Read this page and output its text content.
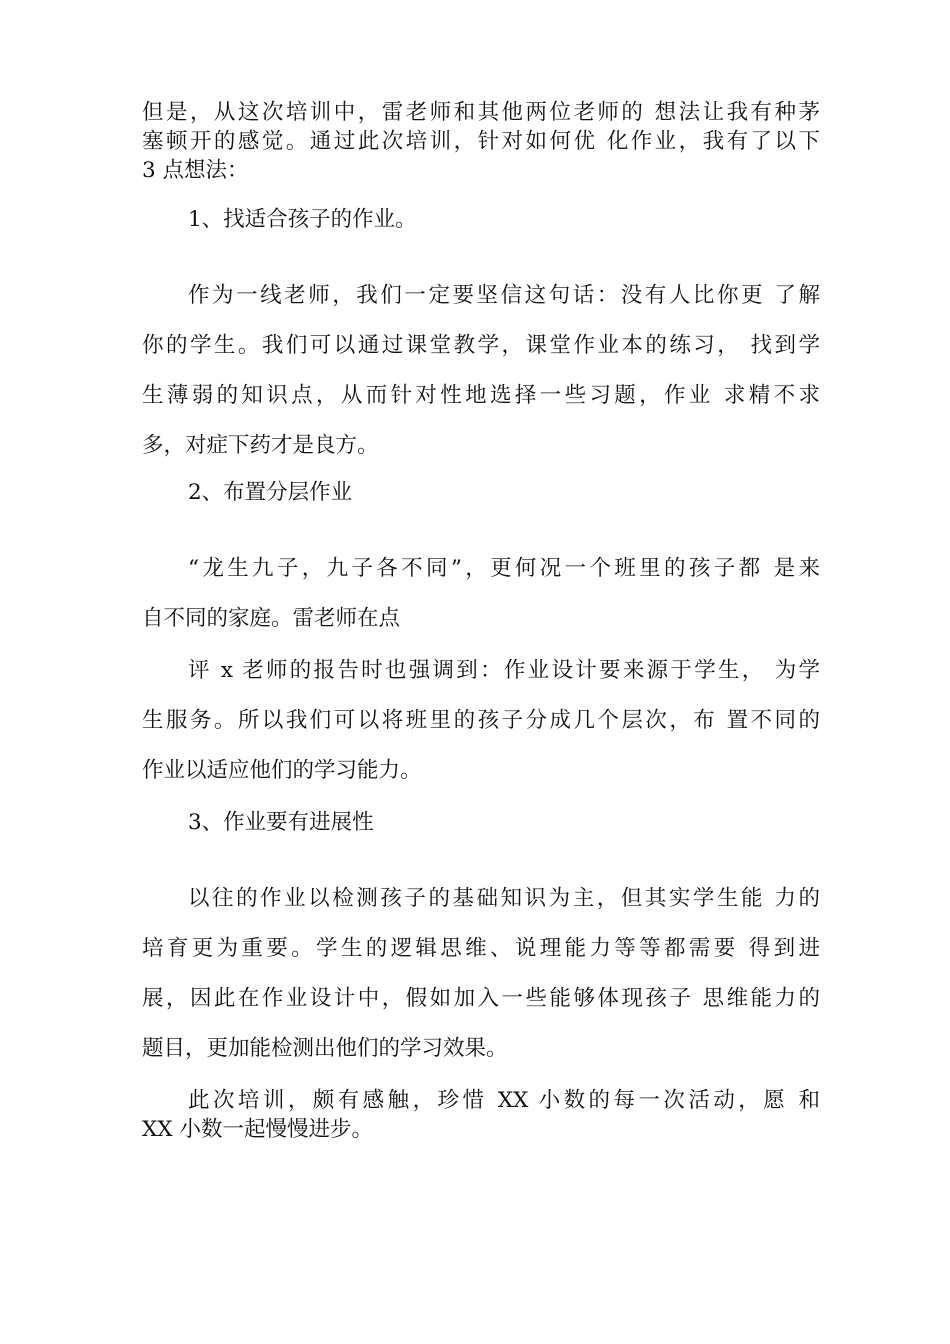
但是，从这次培训中，雷老师和其他两位老师的 想法让我有种茅
塞顿开的感觉。通过此次培训，针对如何优 化作业，我有了以下
3 点想法：

1、找适合孩子的作业。

作为一线老师，我们一定要坚信这句话：没有人比你更 了解
你的学生。我们可以通过课堂教学，课堂作业本的练习， 找到学
生薄弱的知识点，从而针对性地选择一些习题，作业 求精不求
多，对症下药才是良方。

2、布置分层作业

“龙生九子，九子各不同”，更何况一个班里的孩子都 是来
自不同的家庭。雷老师在点

评 x 老师的报告时也强调到：作业设计要来源于学生， 为学
生服务。所以我们可以将班里的孩子分成几个层次，布 置不同的
作业以适应他们的学习能力。

3、作业要有进展性

以往的作业以检测孩子的基础知识为主，但其实学生能 力的
培育更为重要。学生的逻辑思维、说理能力等等都需要 得到进
展，因此在作业设计中，假如加入一些能够体现孩子 思维能力的
题目，更加能检测出他们的学习效果。

此次培训，颇有感触，珍惜 XX 小数的每一次活动，愿 和
XX 小数一起慢慢进步。
